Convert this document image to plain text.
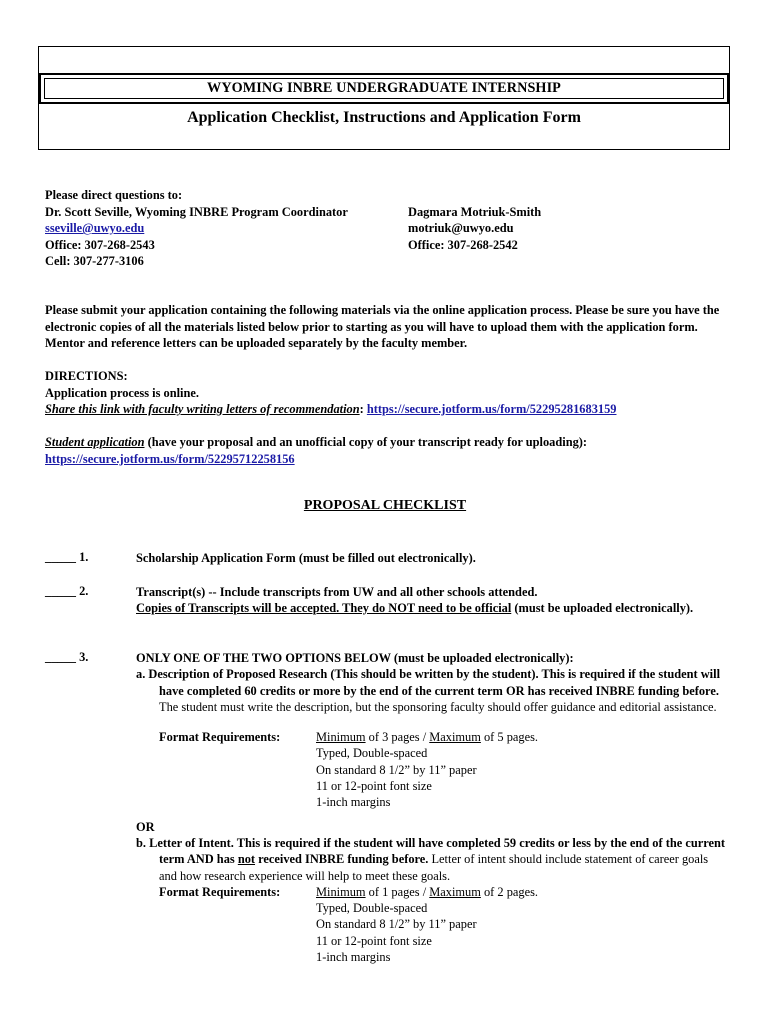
WYOMING INBRE UNDERGRADUATE INTERNSHIP
Application Checklist, Instructions and Application Form
Please direct questions to:
Dr. Scott Seville, Wyoming INBRE Program Coordinator
sseville@uwyo.edu
Office: 307-268-2543
Cell: 307-277-3106
Dagmara Motriuk-Smith
motriuk@uwyo.edu
Office: 307-268-2542
Please submit your application containing the following materials via the online application process. Please be sure you have the electronic copies of all the materials listed below prior to starting as you will have to upload them with the application form. Mentor and reference letters can be uploaded separately by the faculty member.
DIRECTIONS:
Application process is online.
Share this link with faculty writing letters of recommendation: https://secure.jotform.us/form/52295281683159
Student application (have your proposal and an unofficial copy of your transcript ready for uploading):
https://secure.jotform.us/form/52295712258156
PROPOSAL CHECKLIST
_____ 1.	Scholarship Application Form (must be filled out electronically).
_____ 2.	Transcript(s) -- Include transcripts from UW and all other schools attended.
Copies of Transcripts will be accepted. They do NOT need to be official (must be uploaded electronically).
_____ 3.	ONLY ONE OF THE TWO OPTIONS BELOW (must be uploaded electronically):
a. Description of Proposed Research (This should be written by the student). This is required if the student will have completed 60 credits or more by the end of the current term OR has received INBRE funding before. The student must write the description, but the sponsoring faculty should offer guidance and editorial assistance.
Format Requirements:	Minimum of 3 pages / Maximum of 5 pages.
Typed, Double-spaced
On standard 8 1/2” by 11” paper
11 or 12-point font size
1-inch margins
OR
b. Letter of Intent. This is required if the student will have completed 59 credits or less by the end of the current term AND has not received INBRE funding before. Letter of intent should include statement of career goals and how research experience will help to meet these goals.
Format Requirements:	Minimum of 1 pages / Maximum of 2 pages.
Typed, Double-spaced
On standard 8 1/2” by 11” paper
11 or 12-point font size
1-inch margins
